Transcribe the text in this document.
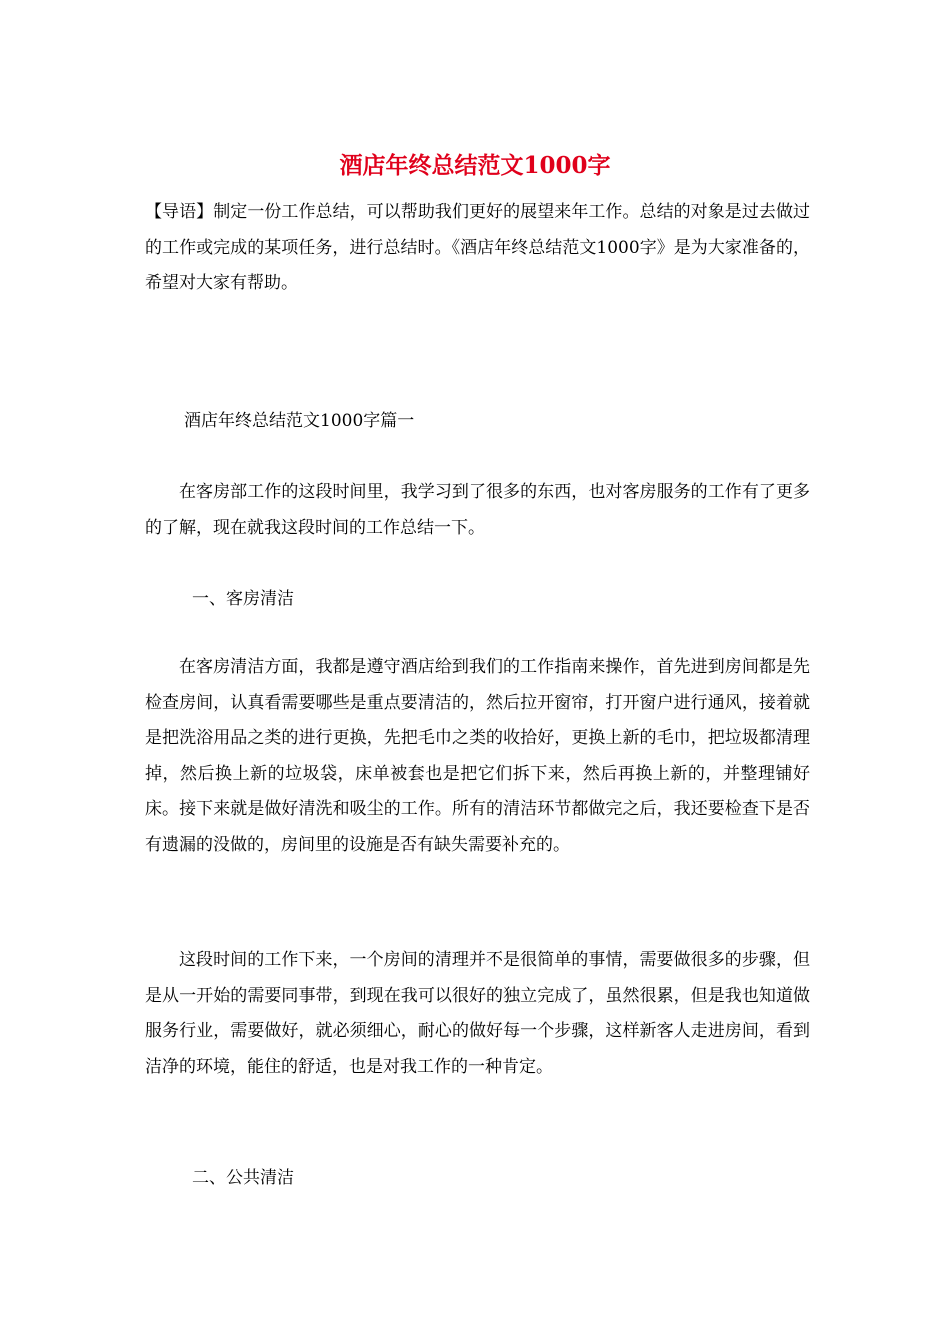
酒店年终总结范文1000字

【导语】制定一份工作总结，可以帮助我们更好的展望来年工作。总结的对象是过去做过的工作或完成的某项任务，进行总结时。《酒店年终总结范文1000字》是为大家准备的，希望对大家有帮助。

酒店年终总结范文1000字篇一

在客房部工作的这段时间里，我学习到了很多的东西，也对客房服务的工作有了更多的了解，现在就我这段时间的工作总结一下。

一、客房清洁

在客房清洁方面，我都是遵守酒店给到我们的工作指南来操作，首先进到房间都是先检查房间，认真看需要哪些是重点要清洁的，然后拉开窗帘，打开窗户进行通风，接着就是把洗浴用品之类的进行更换，先把毛巾之类的收拾好，更换上新的毛巾，把垃圾都清理掉，然后换上新的垃圾袋，床单被套也是把它们拆下来，然后再换上新的，并整理铺好床。接下来就是做好清洗和吸尘的工作。所有的清洁环节都做完之后，我还要检查下是否有遗漏的没做的，房间里的设施是否有缺失需要补充的。

这段时间的工作下来，一个房间的清理并不是很简单的事情，需要做很多的步骤，但是从一开始的需要同事带，到现在我可以很好的独立完成了，虽然很累，但是我也知道做服务行业，需要做好，就必须细心，耐心的做好每一个步骤，这样新客人走进房间，看到洁净的环境，能住的舒适，也是对我工作的一种肯定。

二、公共清洁
